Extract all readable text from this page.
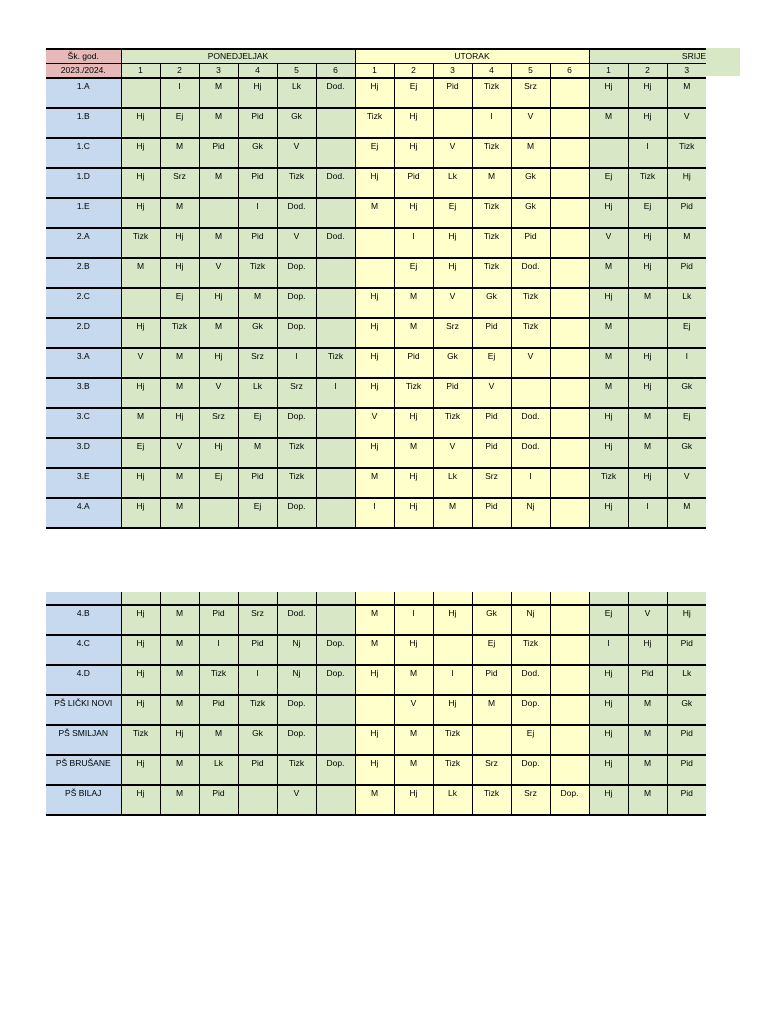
Šk. god.	PONEDJELJAK						UTORAK						SRIJE		
2023./2024.	1	2	3	4	5	6	1	2	3	4	5	6	1	2	3
1.A		I	M	Hj	Lk	Dod.	Hj	Ej	Pid	Tizk	Srz		Hj	Hj	M
1.B	Hj	Ej	M	Pid	Gk		Tizk	Hj		I	V		M	Hj	V
1.C	Hj	M	Pid	Gk	V		Ej	Hj	V	Tizk	M			I	Tizk
1.D	Hj	Srz	M	Pid	Tizk	Dod.	Hj	Pid	Lk	M	Gk		Ej	Tizk	Hj
1.E	Hj	M		I	Dod.		M	Hj	Ej	Tizk	Gk		Hj	Ej	Pid
2.A	Tizk	Hj	M	Pid	V	Dod.		I	Hj	Tizk	Pid		V	Hj	M
2.B	M	Hj	V	Tizk	Dop.			Ej	Hj	Tizk	Dod.		M	Hj	Pid
2.C		Ej	Hj	M	Dop.		Hj	M	V	Gk	Tizk		Hj	M	Lk
2.D	Hj	Tizk	M	Gk	Dop.		Hj	M	Srz	Pid	Tizk		M		Ej
3.A	V	M	Hj	Srz	I	Tizk	Hj	Pid	Gk	Ej	V		M	Hj	I
3.B	Hj	M	V	Lk	Srz	I	Hj	Tizk	Pid	V			M	Hj	Gk
3.C	M	Hj	Srz	Ej	Dop.		V	Hj	Tizk	Pid	Dod.		Hj	M	Ej
3.D	Ej	V	Hj	M	Tizk		Hj	M	V	Pid	Dod.		Hj	M	Gk
3.E	Hj	M	Ej	Pid	Tizk		M	Hj	Lk	Srz	I		Tizk	Hj	V
4.A	Hj	M		Ej	Dop.		I	Hj	M	Pid	Nj		Hj	I	M

4.B	Hj	M	Pid	Srz	Dod.		M	I	Hj	Gk	Nj		Ej	V	Hj
4.C	Hj	M	I	Pid	Nj	Dop.	M	Hj		Ej	Tizk		I	Hj	Pid
4.D	Hj	M	Tizk	I	Nj	Dop.	Hj	M	I	Pid	Dod.		Hj	Pid	Lk
PŠ LIČKI NOVI	Hj	M	Pid	Tizk	Dop.			V	Hj	M	Dop.		Hj	M	Gk
PŠ SMILJAN	Tizk	Hj	M	Gk	Dop.		Hj	M	Tizk		Ej		Hj	M	Pid
PŠ BRUŠANE	Hj	M	Lk	Pid	Tizk	Dop.	Hj	M	Tizk	Srz	Dop.		Hj	M	Pid
PŠ BILAJ	Hj	M	Pid		V		M	Hj	Lk	Tizk	Srz	Dop.	Hj	M	Pid
